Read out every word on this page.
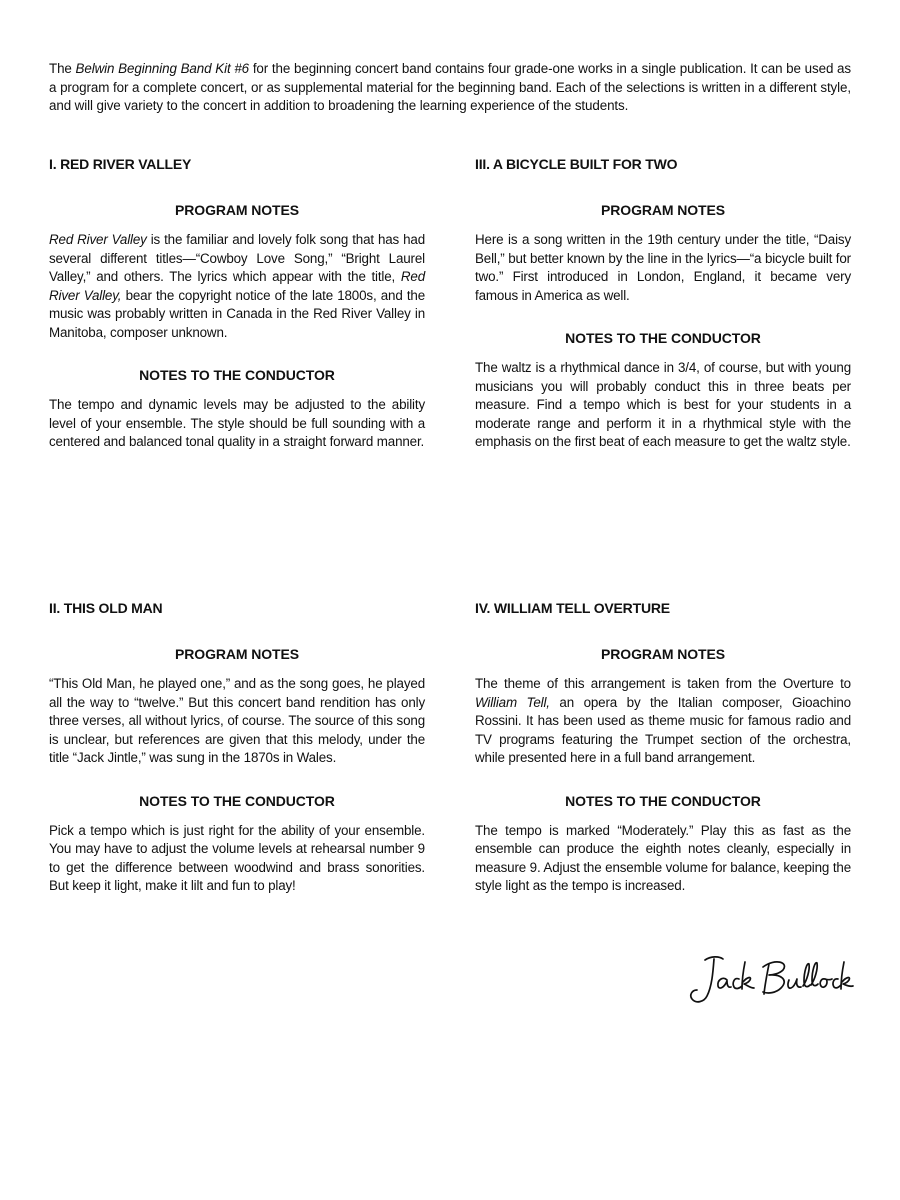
The Belwin Beginning Band Kit #6 for the beginning concert band contains four grade-one works in a single publication. It can be used as a program for a complete concert, or as supplemental material for the beginning band. Each of the selections is written in a different style, and will give variety to the concert in addition to broadening the learning experience of the students.

I. RED RIVER VALLEY
PROGRAM NOTES

Red River Valley is the familiar and lovely folk song that has had several different titles—“Cowboy Love Song,” “Bright Laurel Valley,” and others. The lyrics which appear with the title, Red River Valley, bear the copyright notice of the late 1800s, and the music was probably written in Canada in the Red River Valley in Manitoba, composer unknown.

NOTES TO THE CONDUCTOR

The tempo and dynamic levels may be adjusted to the ability level of your ensemble. The style should be full sounding with a centered and balanced tonal quality in a straight forward manner.

III. A BICYCLE BUILT FOR TWO
PROGRAM NOTES

Here is a song written in the 19th century under the title, “Daisy Bell,” but better known by the line in the lyrics—“a bicycle built for two.” First introduced in London, England, it became very famous in America as well.

NOTES TO THE CONDUCTOR

The waltz is a rhythmical dance in 3/4, of course, but with young musicians you will probably conduct this in three beats per measure. Find a tempo which is best for your students in a moderate range and perform it in a rhythmical style with the emphasis on the first beat of each measure to get the waltz style.

II. THIS OLD MAN
PROGRAM NOTES

“This Old Man, he played one,” and as the song goes, he played all the way to “twelve.” But this concert band rendition has only three verses, all without lyrics, of course. The source of this song is unclear, but references are given that this melody, under the title “Jack Jintle,” was sung in the 1870s in Wales.

NOTES TO THE CONDUCTOR

Pick a tempo which is just right for the ability of your ensemble. You may have to adjust the volume levels at rehearsal number 9 to get the difference between woodwind and brass sonorities. But keep it light, make it lilt and fun to play!

IV. WILLIAM TELL OVERTURE
PROGRAM NOTES

The theme of this arrangement is taken from the Overture to William Tell, an opera by the Italian composer, Gioachino Rossini. It has been used as theme music for famous radio and TV programs featuring the Trumpet section of the orchestra, while presented here in a full band arrangement.

NOTES TO THE CONDUCTOR

The tempo is marked “Moderately.” Play this as fast as the ensemble can produce the eighth notes cleanly, especially in measure 9. Adjust the ensemble volume for balance, keeping the style light as the tempo is increased.
